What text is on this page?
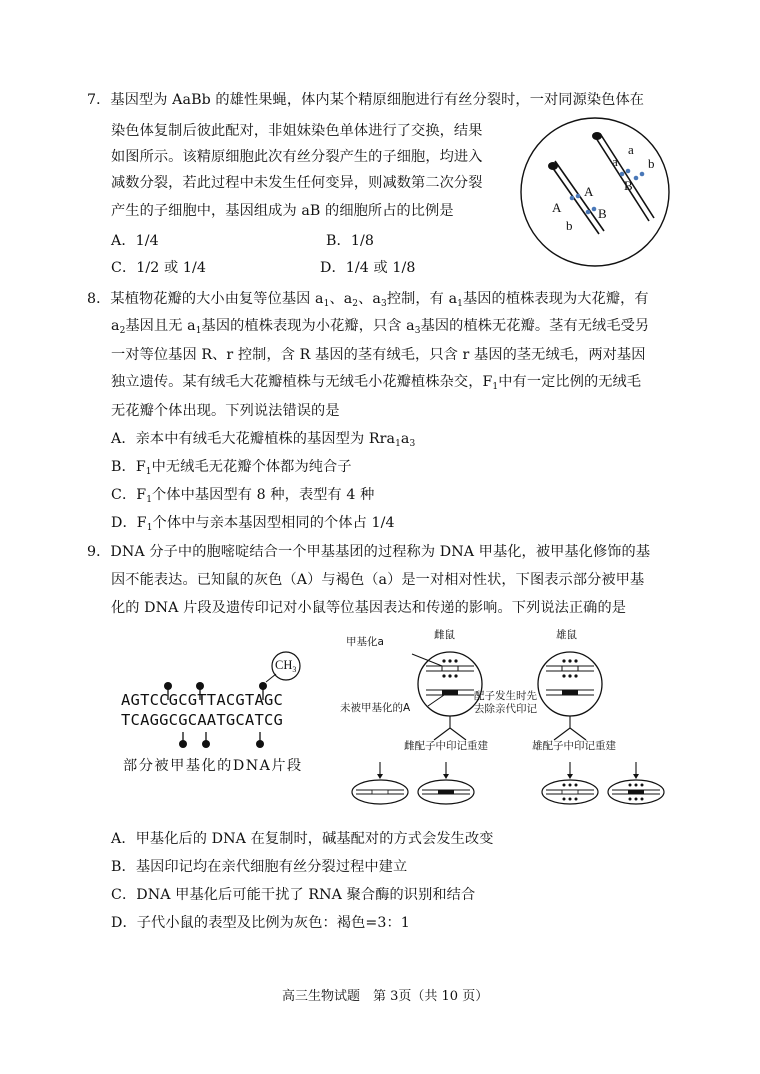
7．基因型为 AaBb 的雄性果蝇，体内某个精原细胞进行有丝分裂时，一对同源染色体在
染色体复制后彼此配对，非姐妹染色单体进行了交换，结果
如图所示。该精原细胞此次有丝分裂产生的子细胞，均进入
减数分裂，若此过程中未发生任何变异，则减数第二次分裂
产生的子细胞中，基因组成为 aB 的细胞所占的比例是
A．1/4	B．1/8
C．1/2 或 1/4	D．1/4 或 1/8
a
a
b
B
A
A
B
b
8．某植物花瓣的大小由复等位基因 $a_1$、$a_2$、$a_3$控制，有 $a_1$基因的植株表现为大花瓣，有
$a_2$基因且无 $a_1$基因的植株表现为小花瓣，只含 $a_3$基因的植株无花瓣。茎有无绒毛受另
一对等位基因 R、r 控制，含 R 基因的茎有绒毛，只含 r 基因的茎无绒毛，两对基因
独立遗传。某有绒毛大花瓣植株与无绒毛小花瓣植株杂交，$F_1$中有一定比例的无绒毛
无花瓣个体出现。下列说法错误的是
A．亲本中有绒毛大花瓣植株的基因型为 $Rra_1a_3$
B．$F_1$中无绒毛无花瓣个体都为纯合子
C．$F_1$个体中基因型有 8 种，表型有 4 种
D．$F_1$个体中与亲本基因型相同的个体占 1/4
9．DNA 分子中的胞嘧啶结合一个甲基基团的过程称为 DNA 甲基化，被甲基化修饰的基
因不能表达。已知鼠的灰色（A）与褐色（a）是一对相对性状，下图表示部分被甲基
化的 DNA 片段及遗传印记对小鼠等位基因表达和传递的影响。下列说法正确的是
$CH_3$
AGTCCGCGTTACGTAGC
TCAGGCGCAATGCATCG
部分被甲基化的DNA片段
甲基化a
雌鼠	雄鼠
未被甲基化的A
配子发生时先
去除亲代印记
雌配子中印记重建	雄配子中印记重建
A．甲基化后的 DNA 在复制时，碱基配对的方式会发生改变
B．基因印记均在亲代细胞有丝分裂过程中建立
C．DNA 甲基化后可能干扰了 RNA 聚合酶的识别和结合
D．子代小鼠的表型及比例为灰色：褐色=3：1
高三生物试题　第 3页（共 10 页）
